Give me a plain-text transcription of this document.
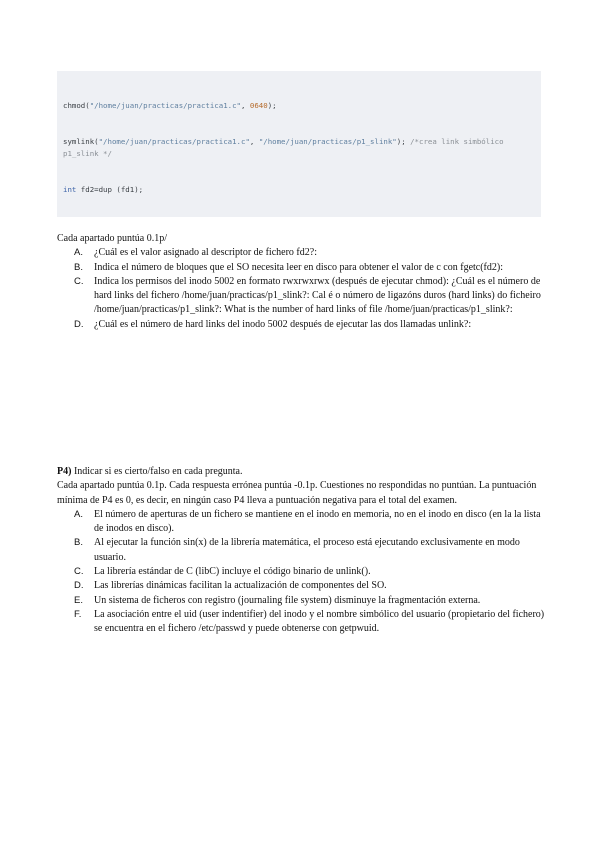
chmod("/home/juan/practicas/practica1.c", 0640);

symlink("/home/juan/practicas/practica1.c", "/home/juan/practicas/p1_slink"); /*crea link simbólico p1_slink */

int fd2=dup (fd1);

Cada apartado puntúa 0.1p/

A. ¿Cuál es el valor asignado al descriptor de fichero fd2?:
B. Indica el número de bloques que el SO necesita leer en disco para obtener el valor de c con fgetc(fd2):
C. Indica los permisos del inodo 5002 en formato rwxrwxrwx (después de ejecutar chmod): ¿Cuál es el número de hard links del fichero /home/juan/practicas/p1_slink?: Cal é o número de ligazóns duros (hard links) do ficheiro /home/juan/practicas/p1_slink?: What is the number of hard links of file /home/juan/practicas/p1_slink?:
D. ¿Cuál es el número de hard links del inodo 5002 después de ejecutar las dos llamadas unlink?:

P4) Indicar si es cierto/falso en cada pregunta.

Cada apartado puntúa 0.1p. Cada respuesta errónea puntúa -0.1p. Cuestiones no respondidas no puntúan. La puntuación mínima de P4 es 0, es decir, en ningún caso P4 lleva a puntuación negativa para el total del examen.

A. El número de aperturas de un fichero se mantiene en el inodo en memoria, no en el inodo en disco (en la la lista de inodos en disco).
B. Al ejecutar la función sin(x) de la librería matemática, el proceso está ejecutando exclusivamente en modo usuario.
C. La librería estándar de C (libC) incluye el código binario de unlink().
D. Las librerías dinámicas facilitan la actualización de componentes del SO.
E. Un sistema de ficheros con registro (journaling file system) disminuye la fragmentación externa.
F. La asociación entre el uid (user indentifier) del inodo y el nombre simbólico del usuario (propietario del fichero) se encuentra en el fichero /etc/passwd y puede obtenerse con getpwuid.
